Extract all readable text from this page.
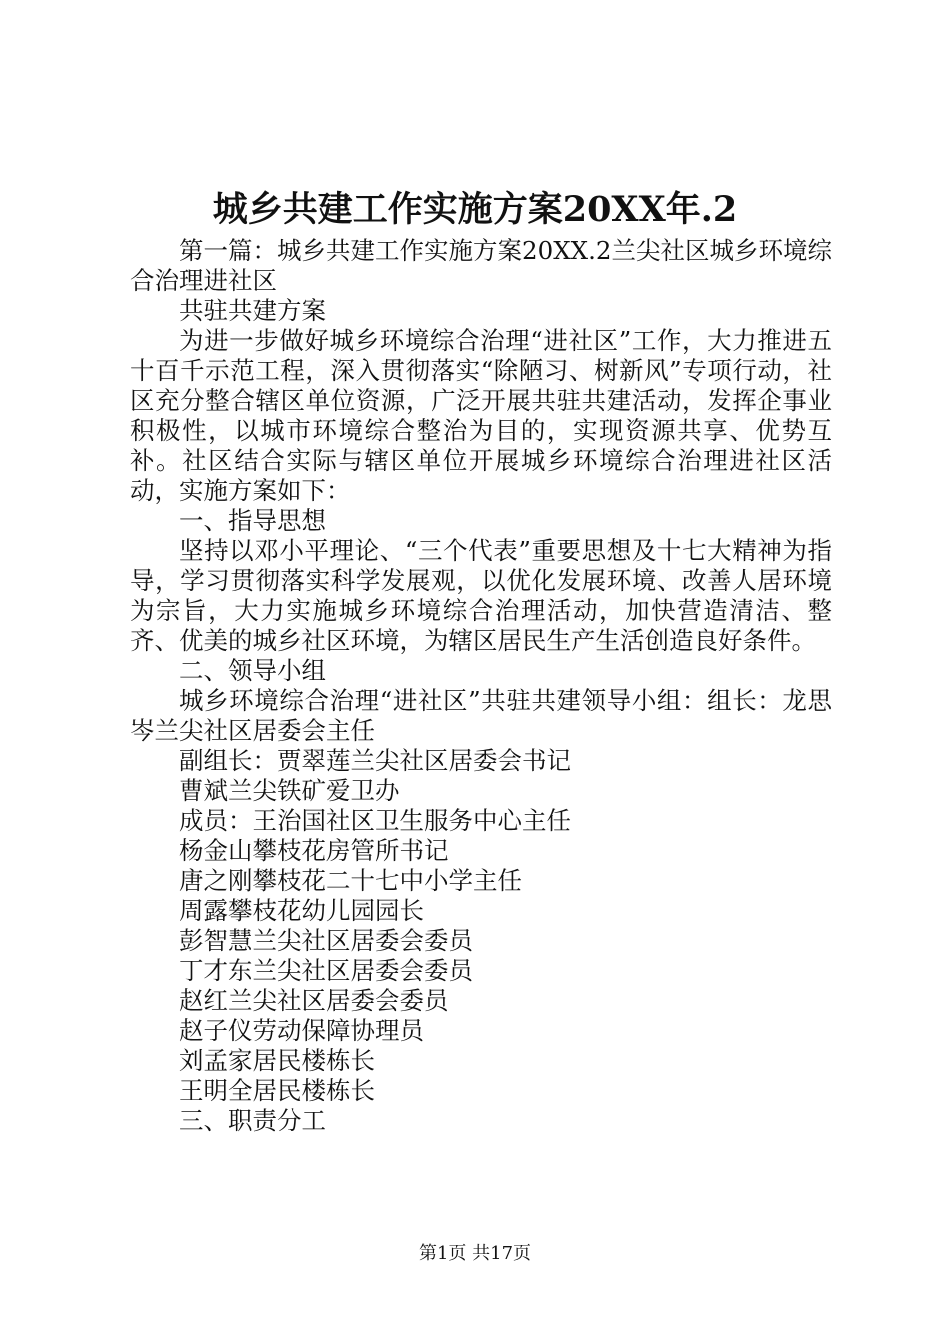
城乡共建工作实施方案20XX年.2

第一篇：城乡共建工作实施方案20XX.2兰尖社区城乡环境综合治理进社区

共驻共建方案

为进一步做好城乡环境综合治理“进社区”工作，大力推进五十百千示范工程，深入贯彻落实“除陋习、树新风”专项行动，社区充分整合辖区单位资源，广泛开展共驻共建活动，发挥企事业积极性，以城市环境综合整治为目的，实现资源共享、优势互补。社区结合实际与辖区单位开展城乡环境综合治理进社区活动，实施方案如下：

一、指导思想

坚持以邓小平理论、“三个代表”重要思想及十七大精神为指导，学习贯彻落实科学发展观，以优化发展环境、改善人居环境为宗旨，大力实施城乡环境综合治理活动，加快营造清洁、整齐、优美的城乡社区环境，为辖区居民生产生活创造良好条件。

二、领导小组

城乡环境综合治理“进社区”共驻共建领导小组：组长：龙思岑兰尖社区居委会主任

副组长：贾翠莲兰尖社区居委会书记

曹斌兰尖铁矿爱卫办

成员：王治国社区卫生服务中心主任

杨金山攀枝花房管所书记

唐之刚攀枝花二十七中小学主任

周露攀枝花幼儿园园长

彭智慧兰尖社区居委会委员

丁才东兰尖社区居委会委员

赵红兰尖社区居委会委员

赵子仪劳动保障协理员

刘孟家居民楼栋长

王明全居民楼栋长

三、职责分工

第1页 共17页
